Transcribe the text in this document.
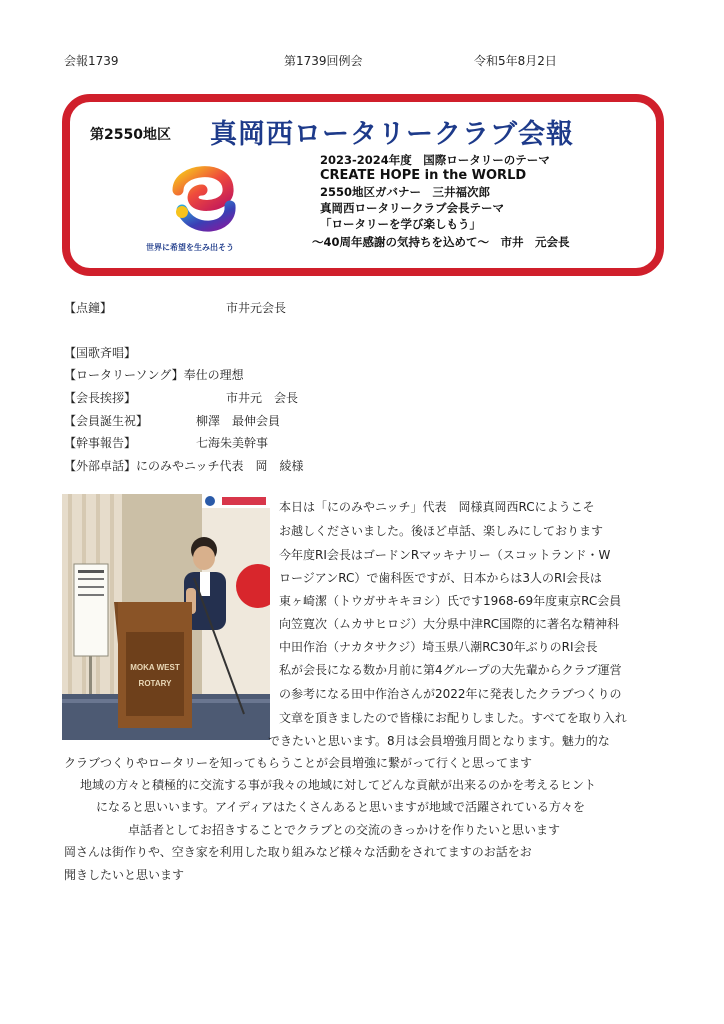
会報1739	第1739回例会	令和5年8月2日
第2550地区 真岡西ロータリークラブ会報
世界に希望を生み出そう
2023-2024年度　国際ロータリーのテーマ
CREATE HOPE in the WORLD
2550地区ガバナー　三井福次郎
真岡西ロータリークラブ会長テーマ
「ロータリーを学び楽しもう」
～40周年感謝の気持ちを込めて～　市井　元会長
【点鐘】	市井元会長
【国歌斉唱】
【ロータリーソング】奉仕の理想
【会長挨拶】	市井元　会長
【会員誕生祝】	柳澤　最伸会員
【幹事報告】	七海朱美幹事
【外部卓話】にのみやニッチ代表　岡　綾様
MOKA WEST
ROTARY
本日は「にのみやニッチ」代表　岡様真岡西RCにようこそ
お越しくださいました。後ほど卓話、楽しみにしております
今年度RI会長はゴードンRマッキナリー（スコットランド・W
ロージアンRC）で歯科医ですが、日本からは3人のRI会長は
東ヶ崎潔（トウガサキキヨシ）氏です1968-69年度東京RC会員
向笠寛次（ムカサヒロジ）大分県中津RC国際的に著名な精神科
中田作治（ナカタサクジ）埼玉県八潮RC30年ぶりのRI会長
私が会長になる数か月前に第4グループの大先輩からクラブ運営
の参考になる田中作治さんが2022年に発表したクラブつくりの
文章を頂きましたので皆様にお配りしました。すべてを取り入れ
できたいと思います。8月は会員増強月間となります。魅力的な
クラブつくりやロータリーを知ってもらうことが会員増強に繋がって行くと思ってます
地域の方々と積極的に交流する事が我々の地域に対してどんな貢献が出来るのかを考えるヒント
になると思いいます。アイディアはたくさんあると思いますが地域で活躍されている方々を
卓話者としてお招きすることでクラブとの交流のきっかけを作りたいと思います
岡さんは街作りや、空き家を利用した取り組みなど様々な活動をされてますのお話をお
聞きしたいと思います
